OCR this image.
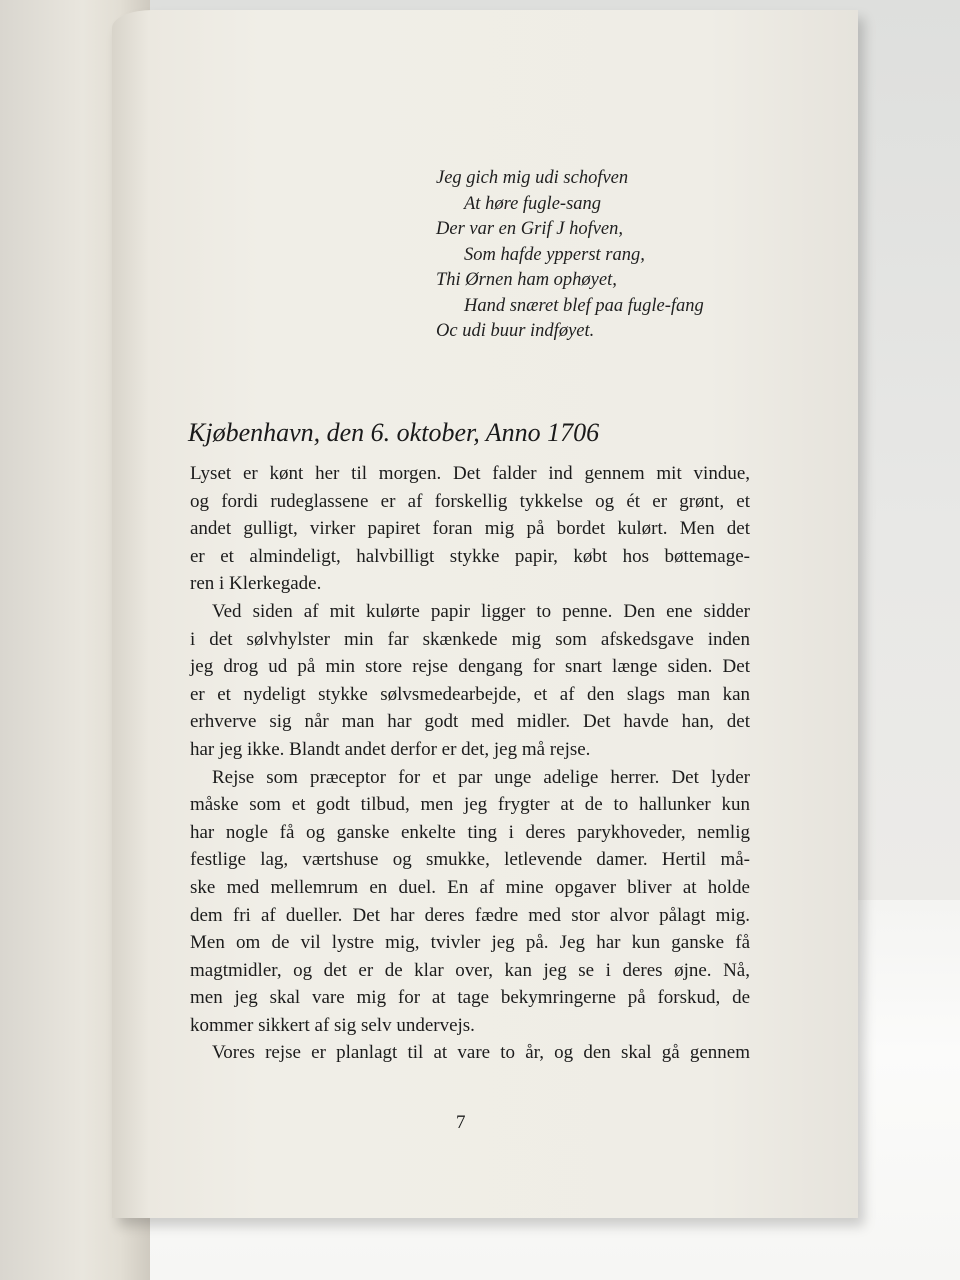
Jeg gich mig udi schofven
At høre fugle-sang
Der var en Grif J hofven,
Som hafde ypperst rang,
Thi Ørnen ham ophøyet,
Hand snæret blef paa fugle-fang
Oc udi buur indføyet.
Kjøbenhavn, den 6. oktober, Anno 1706
Lyset er kønt her til morgen. Det falder ind gennem mit vindue,
og fordi rudeglassene er af forskellig tykkelse og ét er grønt, et
andet gulligt, virker papiret foran mig på bordet kulørt. Men det
er et almindeligt, halvbilligt stykke papir, købt hos bøttemage-
ren i Klerkegade.
Ved siden af mit kulørte papir ligger to penne. Den ene sidder
i det sølvhylster min far skænkede mig som afskedsgave inden
jeg drog ud på min store rejse dengang for snart længe siden. Det
er et nydeligt stykke sølvsmedearbejde, et af den slags man kan
erhverve sig når man har godt med midler. Det havde han, det
har jeg ikke. Blandt andet derfor er det, jeg må rejse.
Rejse som præceptor for et par unge adelige herrer. Det lyder
måske som et godt tilbud, men jeg frygter at de to hallunker kun
har nogle få og ganske enkelte ting i deres parykhoveder, nemlig
festlige lag, værtshuse og smukke, letlevende damer. Hertil må-
ske med mellemrum en duel. En af mine opgaver bliver at holde
dem fri af dueller. Det har deres fædre med stor alvor pålagt mig.
Men om de vil lystre mig, tvivler jeg på. Jeg har kun ganske få
magtmidler, og det er de klar over, kan jeg se i deres øjne. Nå,
men jeg skal vare mig for at tage bekymringerne på forskud, de
kommer sikkert af sig selv undervejs.
Vores rejse er planlagt til at vare to år, og den skal gå gennem
7
